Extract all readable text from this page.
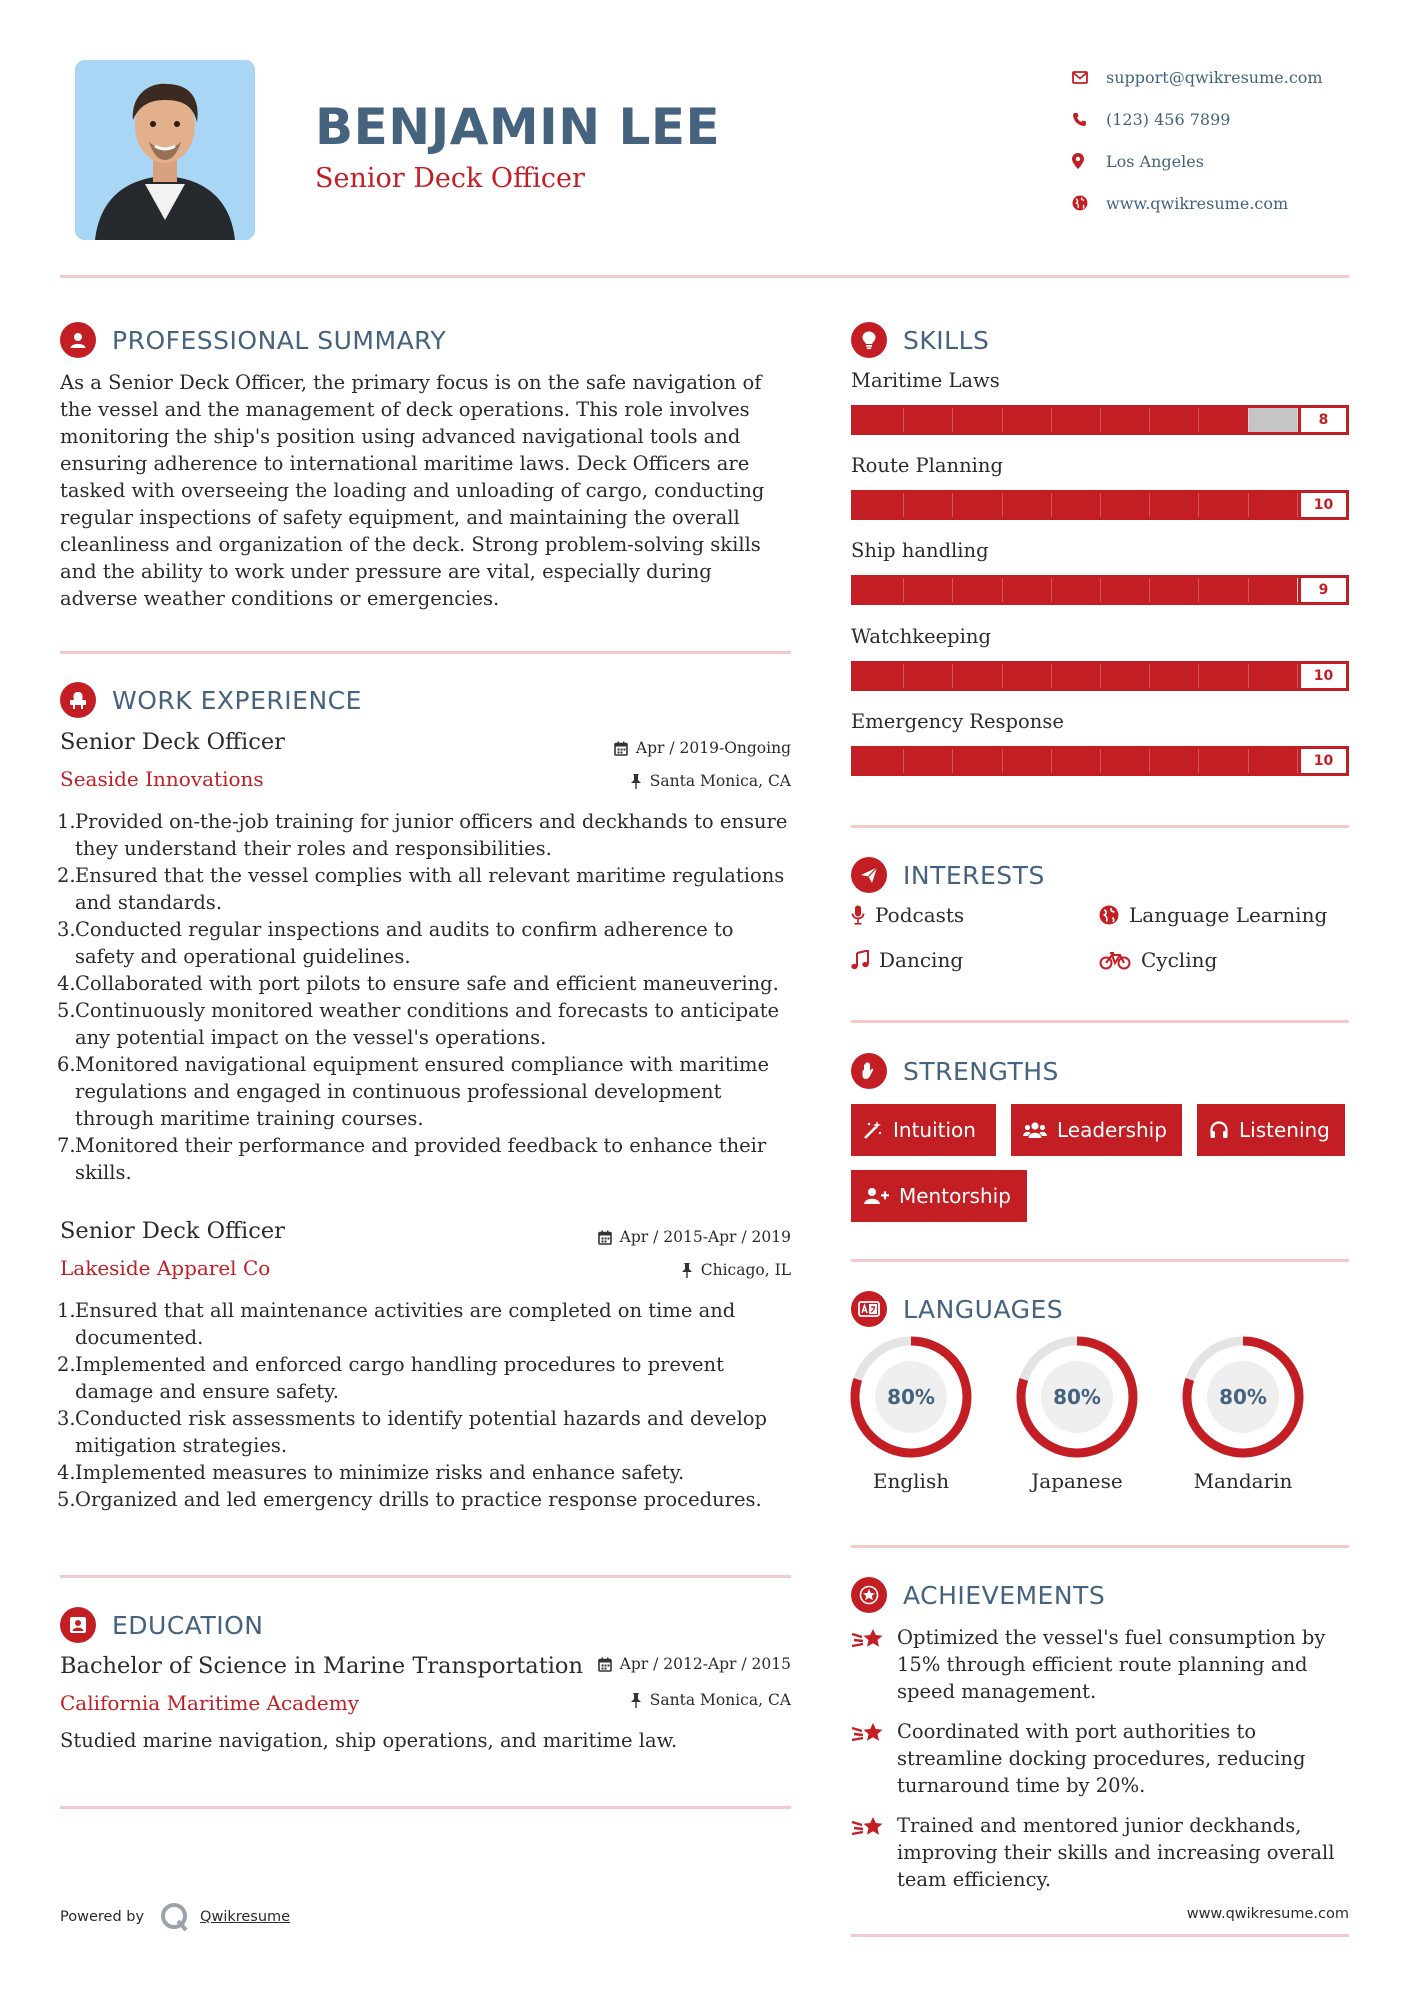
BENJAMIN LEE
Senior Deck Officer
support@qwikresume.com
(123) 456 7899
Los Angeles
www.qwikresume.com
PROFESSIONAL SUMMARY
As a Senior Deck Officer, the primary focus is on the safe navigation of the vessel and the management of deck operations. This role involves monitoring the ship's position using advanced navigational tools and ensuring adherence to international maritime laws. Deck Officers are tasked with overseeing the loading and unloading of cargo, conducting regular inspections of safety equipment, and maintaining the overall cleanliness and organization of the deck. Strong problem-solving skills and the ability to work under pressure are vital, especially during adverse weather conditions or emergencies.
WORK EXPERIENCE
Senior Deck Officer
Seaside Innovations
Apr / 2019-Ongoing
Santa Monica, CA
1. Provided on-the-job training for junior officers and deckhands to ensure they understand their roles and responsibilities.
2. Ensured that the vessel complies with all relevant maritime regulations and standards.
3. Conducted regular inspections and audits to confirm adherence to safety and operational guidelines.
4. Collaborated with port pilots to ensure safe and efficient maneuvering.
5. Continuously monitored weather conditions and forecasts to anticipate any potential impact on the vessel's operations.
6. Monitored navigational equipment ensured compliance with maritime regulations and engaged in continuous professional development through maritime training courses.
7. Monitored their performance and provided feedback to enhance their skills.
Senior Deck Officer
Lakeside Apparel Co
Apr / 2015-Apr / 2019
Chicago, IL
1. Ensured that all maintenance activities are completed on time and documented.
2. Implemented and enforced cargo handling procedures to prevent damage and ensure safety.
3. Conducted risk assessments to identify potential hazards and develop mitigation strategies.
4. Implemented measures to minimize risks and enhance safety.
5. Organized and led emergency drills to practice response procedures.
EDUCATION
Bachelor of Science in Marine Transportation
California Maritime Academy
Apr / 2012-Apr / 2015
Santa Monica, CA
Studied marine navigation, ship operations, and maritime law.
SKILLS
Maritime Laws
8
Route Planning
10
Ship handling
9
Watchkeeping
10
Emergency Response
10
INTERESTS
Podcasts	Language Learning
Dancing	Cycling
STRENGTHS
Intuition	Leadership	Listening
Mentorship
LANGUAGES
80%
English
80%
Japanese
80%
Mandarin
ACHIEVEMENTS
Optimized the vessel's fuel consumption by 15% through efficient route planning and speed management.
Coordinated with port authorities to streamline docking procedures, reducing turnaround time by 20%.
Trained and mentored junior deckhands, improving their skills and increasing overall team efficiency.
Powered by	Qwikresume	www.qwikresume.com
